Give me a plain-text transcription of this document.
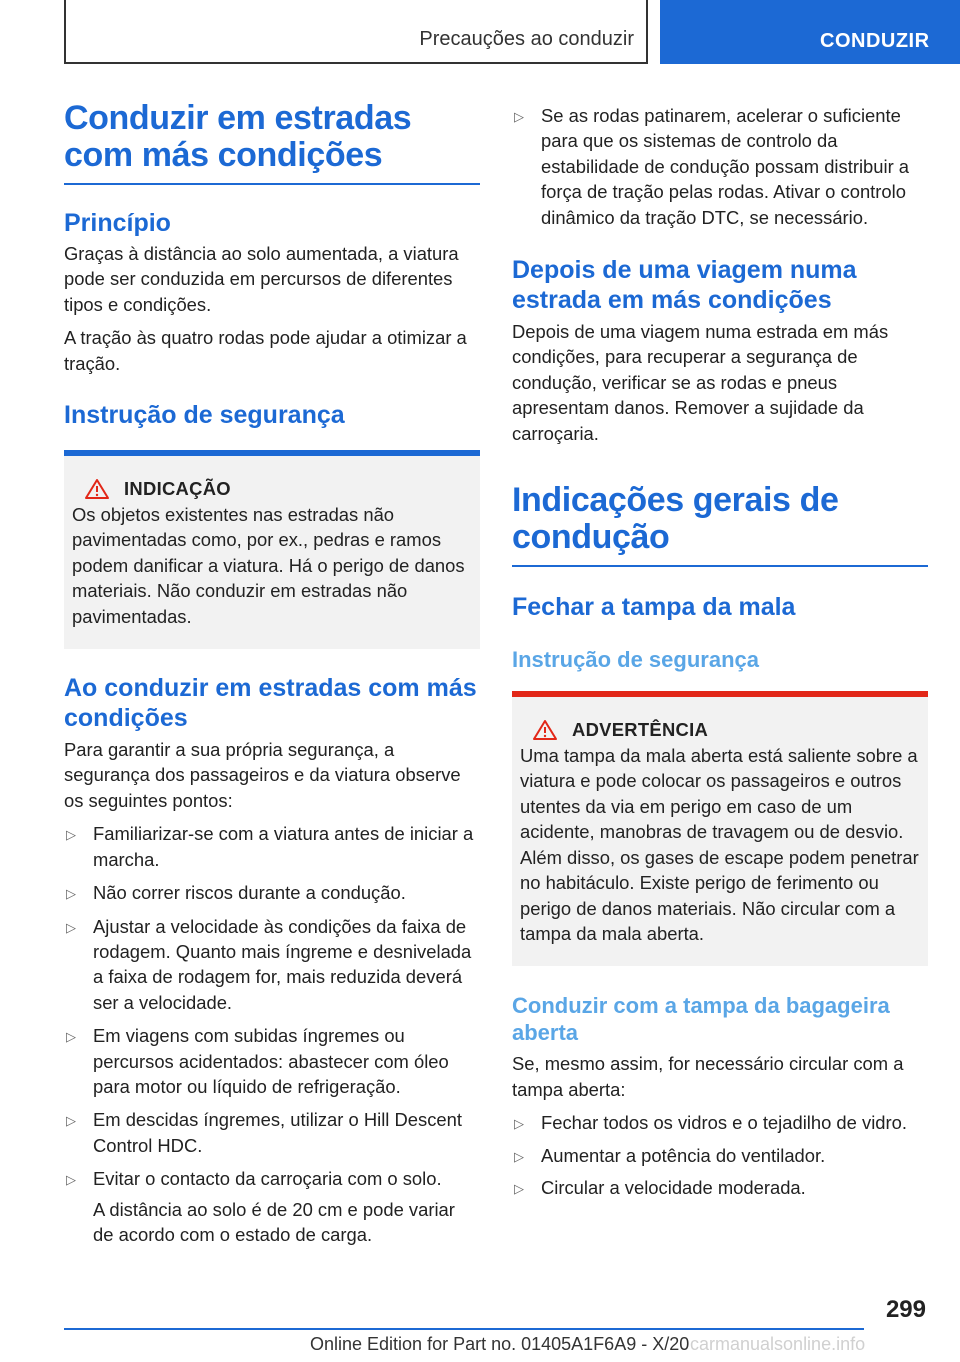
Precauções ao conduzir	CONDUZIR
Conduzir em estradas com más condições
Princípio

Graças à distância ao solo aumentada, a viatura pode ser conduzida em percursos de diferentes tipos e condições.

A tração às quatro rodas pode ajudar a otimizar a tração.

Instrução de segurança
INDICAÇÃO

Os objetos existentes nas estradas não pavimentadas como, por ex., pedras e ramos podem danificar a viatura. Há o perigo de danos materiais. Não conduzir em estradas não pavimentadas.

Ao conduzir em estradas com más condições

Para garantir a sua própria segurança, a segurança dos passageiros e da viatura observe os seguintes pontos:

▷ Familiarizar-se com a viatura antes de iniciar a marcha.
▷ Não correr riscos durante a condução.
▷ Ajustar a velocidade às condições da faixa de rodagem. Quanto mais íngreme e desnivelada a faixa de rodagem for, mais reduzida deverá ser a velocidade.
▷ Em viagens com subidas íngremes ou percursos acidentados: abastecer com óleo para motor ou líquido de refrigeração.
▷ Em descidas íngremes, utilizar o Hill Descent Control HDC.
▷ Evitar o contacto da carroçaria com o solo.
A distância ao solo é de 20 cm e pode variar de acordo com o estado de carga.
▷ Se as rodas patinarem, acelerar o suficiente para que os sistemas de controlo da estabilidade de condução possam distribuir a força de tração pelas rodas. Ativar o controlo dinâmico da tração DTC, se necessário.
Depois de uma viagem numa estrada em más condições

Depois de uma viagem numa estrada em más condições, para recuperar a segurança de condução, verificar se as rodas e pneus apresentam danos. Remover a sujidade da carroçaria.

Indicações gerais de condução
Fechar a tampa da mala
Instrução de segurança
ADVERTÊNCIA

Uma tampa da mala aberta está saliente sobre a viatura e pode colocar os passageiros e outros utentes da via em perigo em caso de um acidente, manobras de travagem ou de desvio. Além disso, os gases de escape podem penetrar no habitáculo. Existe perigo de ferimento ou perigo de danos materiais. Não circular com a tampa da mala aberta.

Conduzir com a tampa da bagageira aberta

Se, mesmo assim, for necessário circular com a tampa aberta:

▷ Fechar todos os vidros e o tejadilho de vidro.
▷ Aumentar a potência do ventilador.
▷ Circular a velocidade moderada.
299
Online Edition for Part no. 01405A1F6A9 - X/20 carmanualsonline.info
